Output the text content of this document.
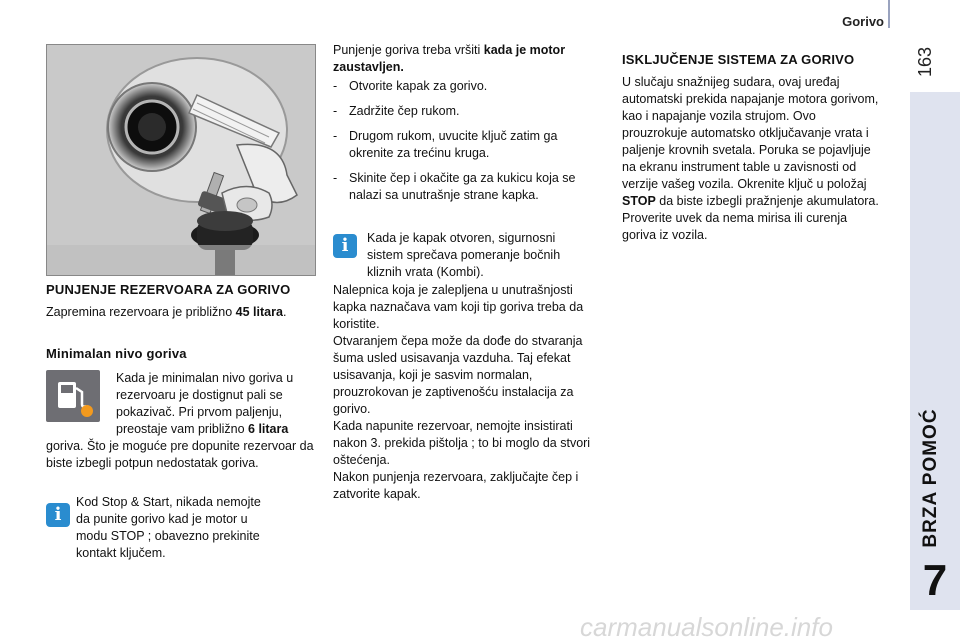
Gorivo
163
BRZA POMOĆ
7
PUNJENJE REZERVOARA ZA GORIVO
Zapremina rezervoara je približno 45 litara.
Minimalan nivo goriva
Kada je minimalan nivo goriva u rezervoaru je dostignut pali se pokazivač. Pri prvom paljenju, preostaje vam približno 6 litara
goriva. Što je moguće pre dopunite rezervoar da biste izbegli potpun nedostatak goriva.
i
Kod Stop & Start, nikada nemojte da punite gorivo kad je motor u modu STOP ; obavezno prekinite kontakt ključem.
Punjenje goriva treba vršiti kada je motor zaustavljen.
- Otvorite kapak za gorivo.
- Zadržite čep rukom.
- Drugom rukom, uvucite ključ zatim ga okrenite za trećinu kruga.
- Skinite čep i okačite ga za kukicu koja se nalazi sa unutrašnje strane kapka.
i	Kada je kapak otvoren, sigurnosni sistem sprečava pomeranje bočnih kliznih vrata (Kombi).
Nalepnica koja je zalepljena u unutrašnjosti kapka naznačava vam koji tip goriva treba da koristite.
Otvaranjem čepa može da dođe do stvaranja šuma usled usisavanja vazduha. Taj efekat usisavanja, koji je sasvim normalan, prouzrokovan je zaptivenošću instalacija za gorivo.
Kada napunite rezervoar, nemojte insistirati nakon 3. prekida pištolja ; to bi moglo da stvori oštećenja.
Nakon punjenja rezervoara, zaključajte čep i zatvorite kapak.
ISKLJUČENJE SISTEMA ZA GORIVO
U slučaju snažnijeg sudara, ovaj uređaj automatski prekida napajanje motora gorivom, kao i napajanje vozila strujom. Ovo prouzrokuje automatsko otključavanje vrata i paljenje krovnih svetala. Poruka se pojavljuje na ekranu instrument table u zavisnosti od verzije vašeg vozila. Okrenite ključ u položaj STOP da biste izbegli pražnjenje akumulatora.
Proverite uvek da nema mirisa ili curenja goriva iz vozila.
carmanualsonline.info
